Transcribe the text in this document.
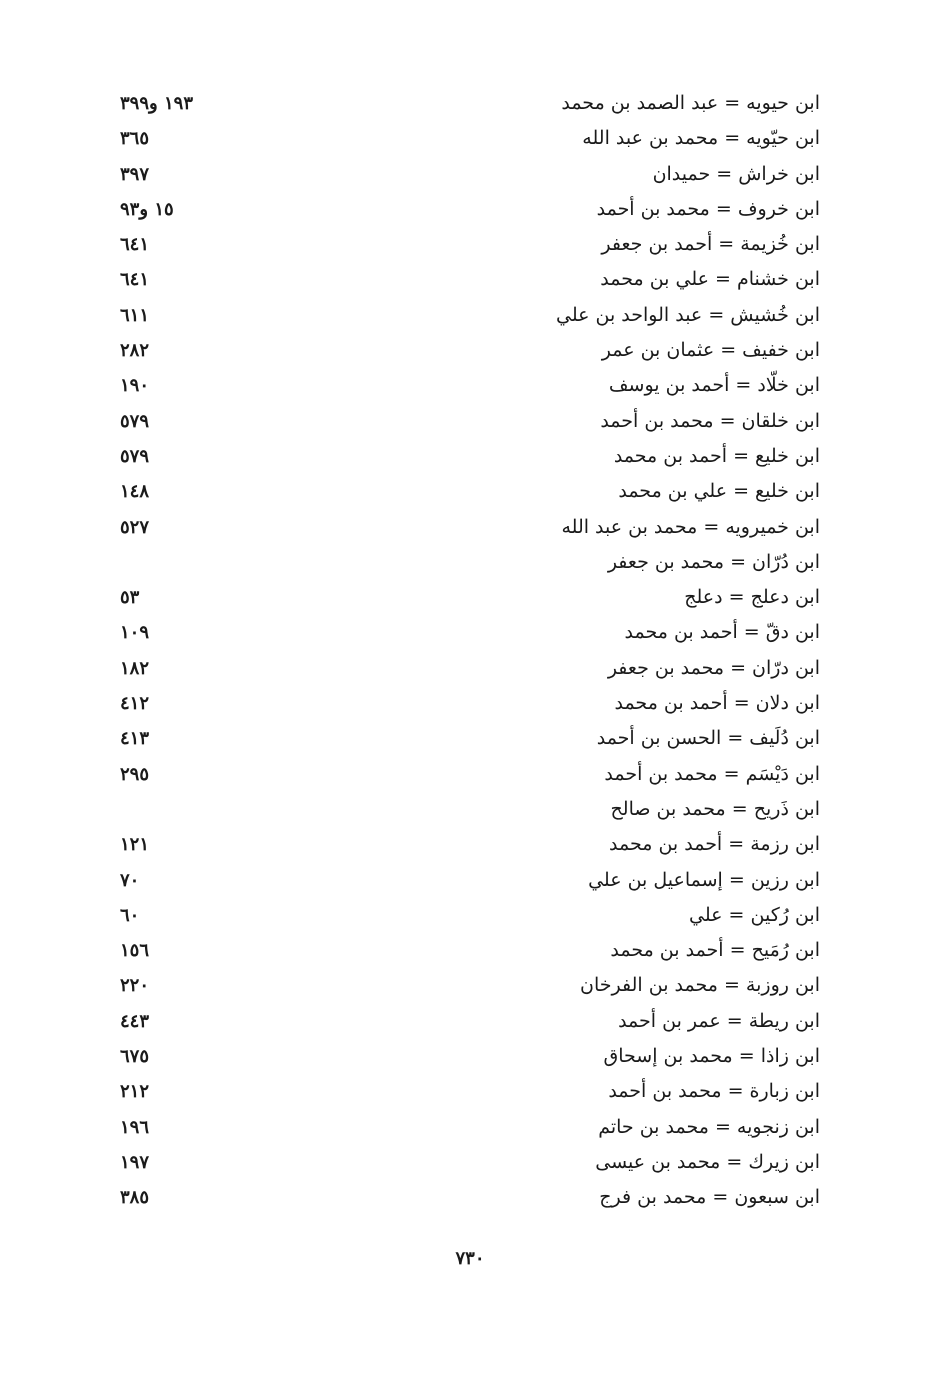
ابن حيويه = عبد الصمد بن محمد
١٩٣ و٣٩٩
ابن حيّويه = محمد بن عبد الله
٣٦٥
ابن خراش = حميدان
٣٩٧
ابن خروف = محمد بن أحمد
١٥ و٩٣
ابن خُزيمة = أحمد بن جعفر
٦٤١
ابن خشنام = علي بن محمد
٦٤١
ابن خُشيش = عبد الواحد بن علي
٦١١
ابن خفيف = عثمان بن عمر
٢٨٢
ابن خلّاد = أحمد بن يوسف
١٩٠
ابن خلقان = محمد بن أحمد
٥٧٩
ابن خليع = أحمد بن محمد
٥٧٩
ابن خليع = علي بن محمد
١٤٨
ابن خميرويه = محمد بن عبد الله
٥٢٧
ابن دُرّان = محمد بن جعفر
ابن دعلج = دعلج
٥٣
ابن دقّ = أحمد بن محمد
١٠٩
ابن درّان = محمد بن جعفر
١٨٢
ابن دلان = أحمد بن محمد
٤١٢
ابن دُلَيف = الحسن بن أحمد
٤١٣
ابن دَيْسَم = محمد بن أحمد
٢٩٥
ابن ذَريح = محمد بن صالح
ابن رزمة = أحمد بن محمد
١٢١
ابن رزين = إسماعيل بن علي
٧٠
ابن رُكين = علي
٦٠
ابن رُمَيح = أحمد بن محمد
١٥٦
ابن روزبة = محمد بن الفرخان
٢٢٠
ابن ريطة = عمر بن أحمد
٤٤٣
ابن زاذا = محمد بن إسحاق
٦٧٥
ابن زبارة = محمد بن أحمد
٢١٢
ابن زنجويه = محمد بن حاتم
١٩٦
ابن زيرك = محمد بن عيسى
١٩٧
ابن سبعون = محمد بن فرج
٣٨٥
٧٣٠
